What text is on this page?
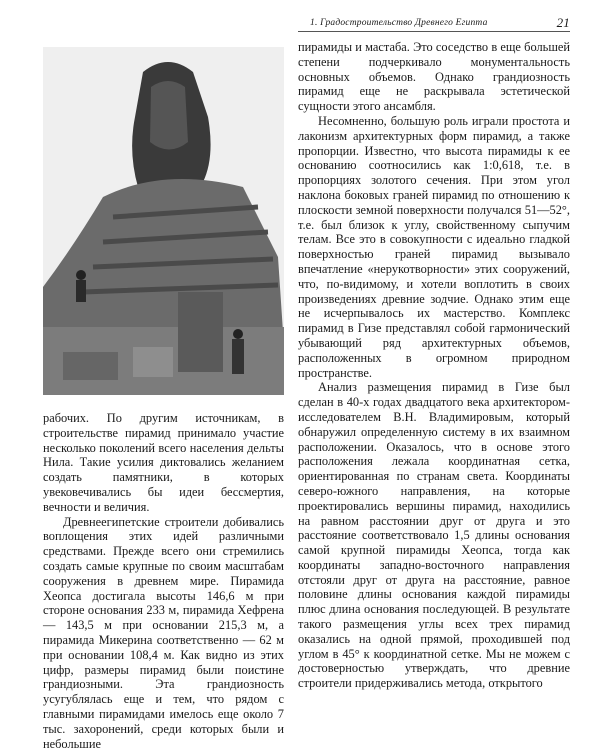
1. Градостроительство Древнего Египта	21

пирамиды и мастаба. Это соседство в еще большей степени подчеркивало монументальность основных объемов. Однако грандиозность пирамид еще не раскрывала эстетической сущности этого ансамбля.

Несомненно, большую роль играли простота и лаконизм архитектурных форм пирамид, а также пропорции. Известно, что высота пирамиды к ее основанию соотносились как 1:0,618, т.е. в пропорциях золотого сечения. При этом угол наклона боковых граней пирамид по отношению к плоскости земной поверхности получался 51—52°, т.е. был близок к углу, свойственному сыпучим телам. Все это в совокупности с идеально гладкой поверхностью граней пирамид вызывало впечатление «нерукотворности» этих сооружений, что, по-видимому, и хотели воплотить в своих произведениях древние зодчие. Однако этим еще не исчерпывалось их мастерство. Комплекс пирамид в Гизе представлял собой гармонический убывающий ряд архитектурных объемов, расположенных в огромном природном пространстве.

Анализ размещения пирамид в Гизе был сделан в 40-х годах двадцатого века архитектором-исследователем В.Н. Владимировым, который обнаружил определенную систему в их взаимном расположении. Оказалось, что в основе этого расположения лежала координатная сетка, ориентированная по странам света. Координаты северо-южного направления, на которые проектировались вершины пирамид, находились на равном расстоянии друг от друга и это расстояние соответствовало 1,5 длины основания самой крупной пирамиды Хеопса, тогда как координаты западно-восточного направления отстояли друг от друга на расстояние, равное половине длины основания каждой пирамиды плюс длина основания последующей. В результате такого размещения углы всех трех пирамид оказались на одной прямой, проходившей под углом в 45° к координатной сетке. Мы не можем с достоверностью утверждать, что древние строители придерживались метода, открытого

рабочих. По другим источникам, в строительстве пирамид принимало участие несколько поколений всего населения дельты Нила. Такие усилия диктовались желанием создать памятники, в которых увековечивались бы идеи бессмертия, вечности и величия.

Древнеегипетские строители добивались воплощения этих идей различными средствами. Прежде всего они стремились создать самые крупные по своим масштабам сооружения в древнем мире. Пирамида Хеопса достигала высоты 146,6 м при стороне основания 233 м, пирамида Хефрена — 143,5 м при основании 215,3 м, а пирамида Микерина соответственно — 62 м при основании 108,4 м. Как видно из этих цифр, размеры пирамид были поистине грандиозными. Эта грандиозность усугублялась еще и тем, что рядом с главными пирамидами имелось еще около 7 тыс. захоронений, среди которых были и небольшие
